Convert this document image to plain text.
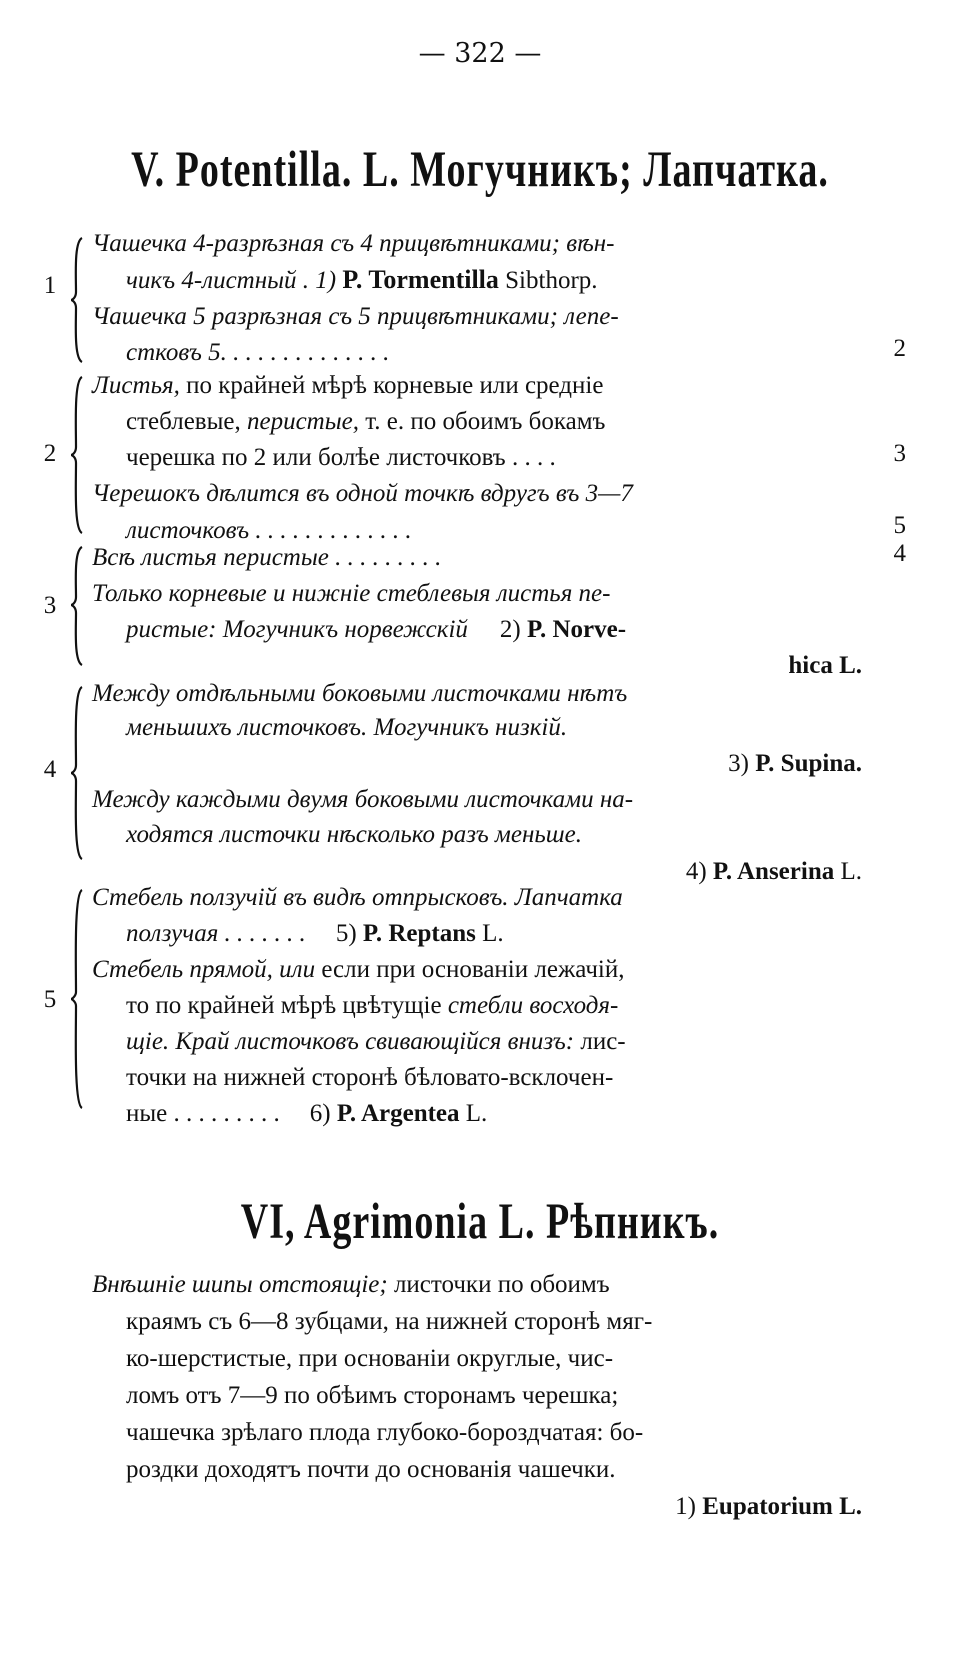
— 322 —
V. Potentilla. L. Могучникъ; Лапчатка.
1
Чашечка 4-разрѣзная съ 4 прицвѣтниками; вѣн-
чикъ 4-листный . 1) P. Tormentilla Sibthorp.
Чашечка 5 разрѣзная съ 5 прицвѣтниками; лепе-
стковъ 5. . . . . . . . . . . . . .	2
2
Листья, по крайней мѣрѣ корневые или средніе
стеблевые, перистые, т. е. по обоимъ бокамъ
черешка по 2 или болѣе листочковъ . . . .
Черешокъ дѣлится въ одной точкѣ вдругъ въ 3—7
листочковъ . . . . . . . . . . . . .
3
5
3
Всѣ листья перистые . . . . . . . . .
Только корневые и нижніе стеблевыя листья пе-
ристые: Могучникъ норвежскій 2) P. Norve-
hica L.
4
4
Между отдѣльными боковыми листочками нѣтъ
меньшихъ листочковъ. Могучникъ низкій.
3) P. Supina.
Между каждыми двумя боковыми листочками на-
ходятся листочки нѣсколько разъ меньше.
4) P. Anserina L.
5
Стебель ползучій въ видѣ отпрысковъ. Лапчатка
ползучая . . . . . . . 5) P. Reptans L.
Стебель прямой, или если при основаніи лежачій,
то по крайней мѣрѣ цвѣтущіе стебли восходя-
щіе. Край листочковъ свивающійся внизъ: лис-
точки на нижней сторонѣ бѣловато-всклочен-
ные . . . . . . . . . 6) P. Argentea L.
VI, Agrimonia L. Рѣпникъ.
Внѣшніе шипы отстоящіе; листочки по обоимъ
краямъ съ 6—8 зубцами, на нижней сторонѣ мяг-
ко-шерстистые, при основаніи округлые, чис-
ломъ отъ 7—9 по обѣимъ сторонамъ черешка;
чашечка зрѣлаго плода глубоко-бороздчатая: бо-
роздки доходятъ почти до основанія чашечки.
1) Eupatorium L.
